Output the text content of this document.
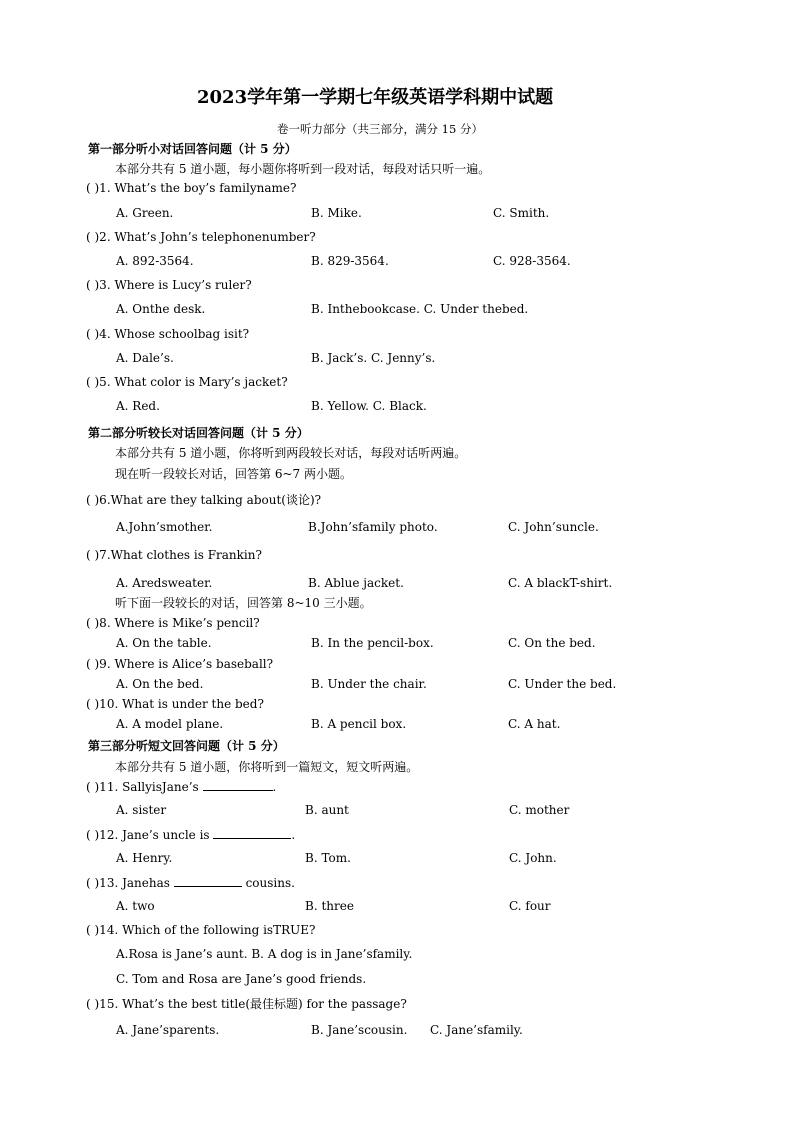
2023学年第一学期七年级英语学科期中试题
卷一听力部分（共三部分，满分 15 分）
第一部分听小对话回答问题（计 5 分）
本部分共有 5 道小题，每小题你将听到一段对话，每段对话只听一遍。
( )1. What’s the boy’s familyname?
A. Green.	B. Mike.	C. Smith.
( )2. What’s John’s telephonenumber?
A. 892-3564.	B. 829-3564.	C. 928-3564.
( )3. Where is Lucy’s ruler?
A. Onthe desk.	B. Inthebookcase. C. Under thebed.
( )4. Whose schoolbag isit?
A. Dale’s.	B. Jack’s. C. Jenny’s.
( )5. What color is Mary’s jacket?
A. Red.	B. Yellow. C. Black.
第二部分听较长对话回答问题（计 5 分）
本部分共有 5 道小题，你将听到两段较长对话，每段对话听两遍。
现在听一段较长对话，回答第 6~7 两小题。
( )6.What are they talking about(谈论)?
A.John’smother.	B.John’sfamily photo.	C. John’suncle.
( )7.What clothes is Frankin?
A. Aredsweater.	B. Ablue jacket.	C. A blackT-shirt.
听下面一段较长的对话，回答第 8~10 三小题。
( )8. Where is Mike’s pencil?
A. On the table.	B. In the pencil-box.	C. On the bed.
( )9. Where is Alice’s baseball?
A. On the bed.	B. Under the chair.	C. Under the bed.
( )10. What is under the bed?
A. A model plane.	B. A pencil box.	C. A hat.
第三部分听短文回答问题（计 5 分）
本部分共有 5 道小题，你将听到一篇短文，短文听两遍。
( )11. SallyisJane’s	.
A. sister	B. aunt	C. mother
( )12. Jane’s uncle is	.
A. Henry.	B. Tom.	C. John.
( )13. Janehas	cousins.
A. two	B. three	C. four
( )14. Which of the following isTRUE?
A.Rosa is Jane’s aunt. B. A dog is in Jane’sfamily.
C. Tom and Rosa are Jane’s good friends.
( )15. What’s the best title(最佳标题) for the passage?
A. Jane’sparents.	B. Jane’scousin. C. Jane’sfamily.
